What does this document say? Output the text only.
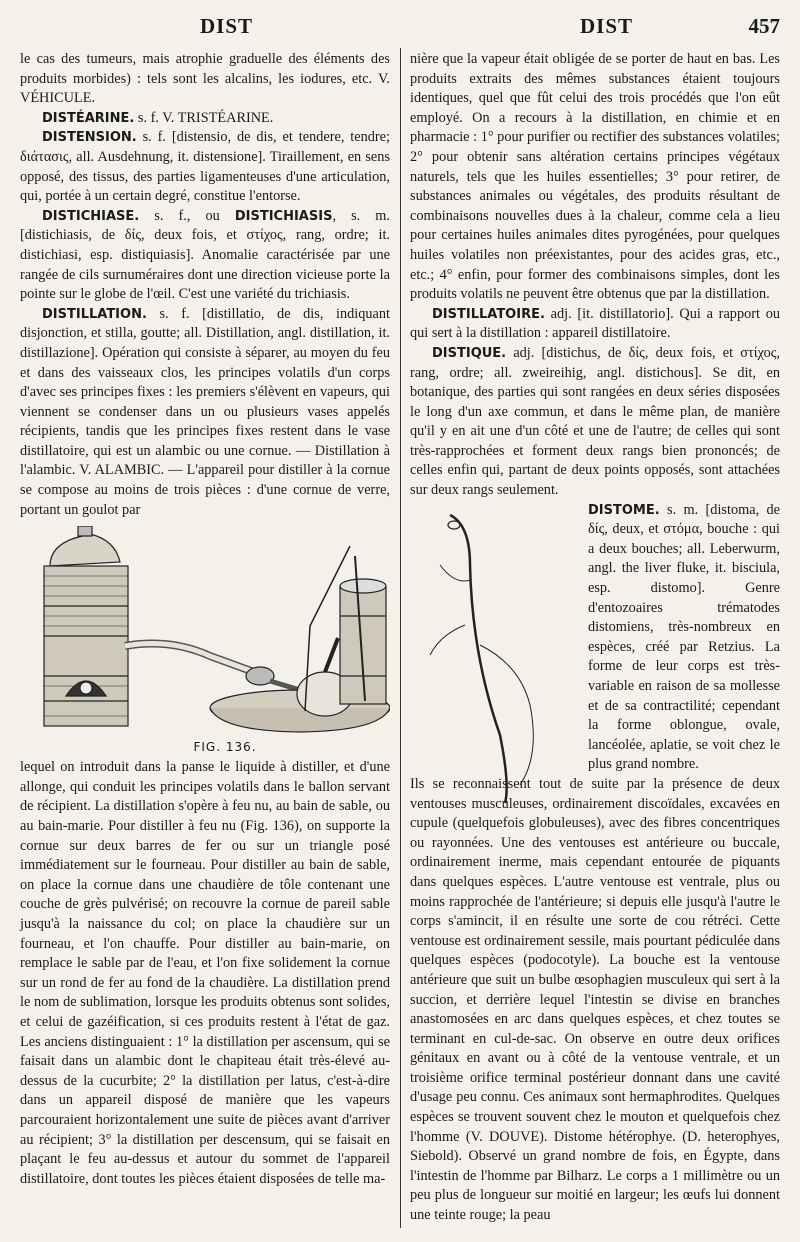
DIST	DIST	457

le cas des tumeurs, mais atrophie graduelle des éléments des produits morbides) : tels sont les alcalins, les iodures, etc. V. VÉHICULE.

DISTÉARINE. s. f. V. TRISTÉARINE.

DISTENSION. s. f. [distensio, de dis, et tendere, tendre; διάτασις, all. Ausdehnung, it. distensione]. Tiraillement, en sens opposé, des tissus, des parties ligamenteuses d'une articulation, qui, portée à un certain degré, constitue l'entorse.

DISTICHIASE. s. f., ou DISTICHIASIS, s. m. [distichiasis, de δίς, deux fois, et στίχος, rang, ordre; it. distichiasi, esp. distiquiasis]. Anomalie caractérisée par une rangée de cils surnuméraires dont une direction vicieuse porte la pointe sur le globe de l'œil. C'est une variété du trichiasis.

DISTILLATION. s. f. [distillatio, de dis, indiquant disjonction, et stilla, goutte; all. Distillation, angl. distillation, it. distillazione]. Opération qui consiste à séparer, au moyen du feu et dans des vaisseaux clos, les principes volatils d'un corps d'avec ses principes fixes : les premiers s'élèvent en vapeurs, qui viennent se condenser dans un ou plusieurs vases appelés récipients, tandis que les principes fixes restent dans le vase distillatoire, qui est un alambic ou une cornue. — Distillation à l'alambic. V. ALAMBIC. — L'appareil pour distiller à la cornue se compose au moins de trois pièces : d'une cornue de verre, portant un goulot par

FIG. 136.

lequel on introduit dans la panse le liquide à distiller, et d'une allonge, qui conduit les principes volatils dans le ballon servant de récipient. La distillation s'opère à feu nu, au bain de sable, ou au bain-marie. Pour distiller à feu nu (Fig. 136), on supporte la cornue sur deux barres de fer ou sur un triangle posé immédiatement sur le fourneau. Pour distiller au bain de sable, on place la cornue dans une chaudière de tôle contenant une couche de grès pulvérisé; on recouvre la cornue de pareil sable jusqu'à la naissance du col; on place la chaudière sur un fourneau, et l'on chauffe. Pour distiller au bain-marie, on remplace le sable par de l'eau, et l'on fixe solidement la cornue sur un rond de fer au fond de la chaudière. La distillation prend le nom de sublimation, lorsque les produits obtenus sont solides, et celui de gazéification, si ces produits restent à l'état de gaz. Les anciens distinguaient : 1° la distillation per ascensum, qui se faisait dans un alambic dont le chapiteau était très-élevé au-dessus de la cucurbite; 2° la distillation per latus, c'est-à-dire dans un appareil disposé de manière que les vapeurs parcouraient horizontalement une suite de pièces avant d'arriver au récipient; 3° la distillation per descensum, qui se faisait en plaçant le feu au-dessus et autour du sommet de l'appareil distillatoire, dont toutes les pièces étaient disposées de telle ma-

nière que la vapeur était obligée de se porter de haut en bas. Les produits extraits des mêmes substances étaient toujours identiques, quel que fût celui des trois procédés que l'on eût employé. On a recours à la distillation, en chimie et en pharmacie : 1° pour purifier ou rectifier des substances volatiles; 2° pour obtenir sans altération certains principes végétaux naturels, tels que les huiles essentielles; 3° pour retirer, de substances animales ou végétales, des produits résultant de combinaisons nouvelles dues à la chaleur, comme cela a lieu pour certaines huiles animales dites pyrogénées, pour quelques huiles volatiles non préexistantes, pour des acides gras, etc., etc.; 4° enfin, pour former des combinaisons simples, dont les produits volatils ne peuvent être obtenus que par la distillation.

DISTILLATOIRE. adj. [it. distillatorio]. Qui a rapport ou qui sert à la distillation : appareil distillatoire.

DISTIQUE. adj. [distichus, de δίς, deux fois, et στίχος, rang, ordre; all. zweireihig, angl. distichous]. Se dit, en botanique, des parties qui sont rangées en deux séries disposées le long d'un axe commun, et dans le même plan, de manière qu'il y en ait une d'un côté et une de l'autre; de celles qui sont très-rapprochées et forment deux rangs bien prononcés; de celles enfin qui, partant de deux points opposés, sont attachées sur deux rangs seulement.

DISTOME. s. m. [distoma, de δίς, deux, et στόμα, bouche : qui a deux bouches; all. Leberwurm, angl. the liver fluke, it. bisciula, esp. distomo]. Genre d'entozoaires trématodes distomiens, très-nombreux en espèces, créé par Retzius. La forme de leur corps est très-variable en raison de sa mollesse et de sa contractilité; cependant la forme oblongue, ovale, lancéolée, aplatie, se voit chez le plus grand nombre.

Ils se reconnaissent tout de suite par la présence de deux ventouses musculeuses, ordinairement discoïdales, excavées en cupule (quelquefois globuleuses), avec des fibres concentriques ou rayonnées. Une des ventouses est antérieure ou buccale, ordinairement inerme, mais cependant entourée de piquants dans quelques espèces. L'autre ventouse est ventrale, plus ou moins rapprochée de l'antérieure; si depuis elle jusqu'à l'autre le corps s'amincit, il en résulte une sorte de cou rétréci. Cette ventouse est ordinairement sessile, mais pourtant pédiculée dans quelques espèces (podocotyle). La bouche est la ventouse antérieure que suit un bulbe œsophagien musculeux qui sert à la succion, et derrière lequel l'intestin se divise en branches anastomosées en arc dans quelques espèces, et chez toutes se terminant en cul-de-sac. On observe en outre deux orifices génitaux en avant ou à côté de la ventouse ventrale, et un troisième orifice terminal postérieur donnant dans une cavité d'usage peu connu. Ces animaux sont hermaphrodites. Quelques espèces se trouvent souvent chez le mouton et quelquefois chez l'homme (V. DOUVE). Distome hétérophye. (D. heterophyes, Siebold). Observé un grand nombre de fois, en Égypte, dans l'intestin de l'homme par Bilharz. Le corps a 1 millimètre ou un peu plus de longueur sur moitié en largeur; les œufs lui donnent une teinte rouge; la peau
